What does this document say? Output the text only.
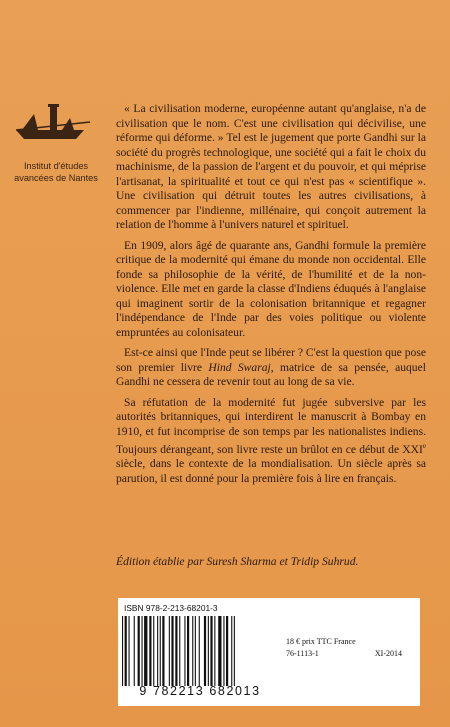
Institut d'études
avancées de Nantes

« La civilisation moderne, européenne autant qu'anglaise, n'a de civilisation que le nom. C'est une civilisation qui décivilise, une réforme qui déforme. » Tel est le jugement que porte Gandhi sur la société du progrès technologique, une société qui a fait le choix du machinisme, de la passion de l'argent et du pouvoir, et qui méprise l'artisanat, la spiritualité et tout ce qui n'est pas « scientifique ». Une civilisation qui détruit toutes les autres civilisations, à commencer par l'indienne, millénaire, qui conçoit autrement la relation de l'homme à l'univers naturel et spirituel.

En 1909, alors âgé de quarante ans, Gandhi formule la première critique de la modernité qui émane du monde non occidental. Elle fonde sa philosophie de la vérité, de l'humilité et de la non-violence. Elle met en garde la classe d'Indiens éduqués à l'anglaise qui imaginent sortir de la colonisation britannique et regagner l'indépendance de l'Inde par des voies politique ou violente empruntées au colonisateur.

Est-ce ainsi que l'Inde peut se libérer ? C'est la question que pose son premier livre Hind Swaraj, matrice de sa pensée, auquel Gandhi ne cessera de revenir tout au long de sa vie.

Sa réfutation de la modernité fut jugée subversive par les autorités britanniques, qui interdirent le manuscrit à Bombay en 1910, et fut incomprise de son temps par les nationalistes indiens. Toujours dérangeant, son livre reste un brûlot en ce début de XXIe siècle, dans le contexte de la mondialisation. Un siècle après sa parution, il est donné pour la première fois à lire en français.

Édition établie par Suresh Sharma et Tridip Suhrud.
ISBN 978-2-213-68201-3
9 782213 682013
18 € prix TTC France
76-1113-1	XI-2014
